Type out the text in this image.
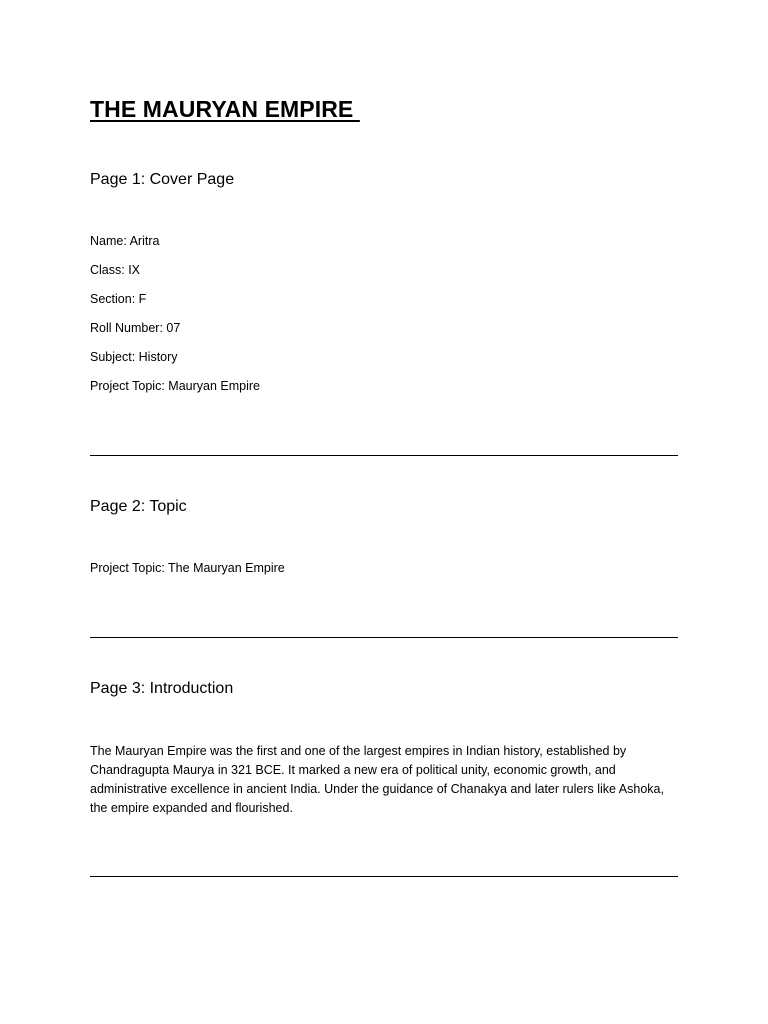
THE MAURYAN EMPIRE
Page 1: Cover Page

Name: Aritra

Class: IX

Section: F

Roll Number: 07

Subject: History

Project Topic: Mauryan Empire

Page 2: Topic

Project Topic: The Mauryan Empire

Page 3: Introduction

The Mauryan Empire was the first and one of the largest empires in Indian history, established by Chandragupta Maurya in 321 BCE. It marked a new era of political unity, economic growth, and administrative excellence in ancient India. Under the guidance of Chanakya and later rulers like Ashoka, the empire expanded and flourished.
